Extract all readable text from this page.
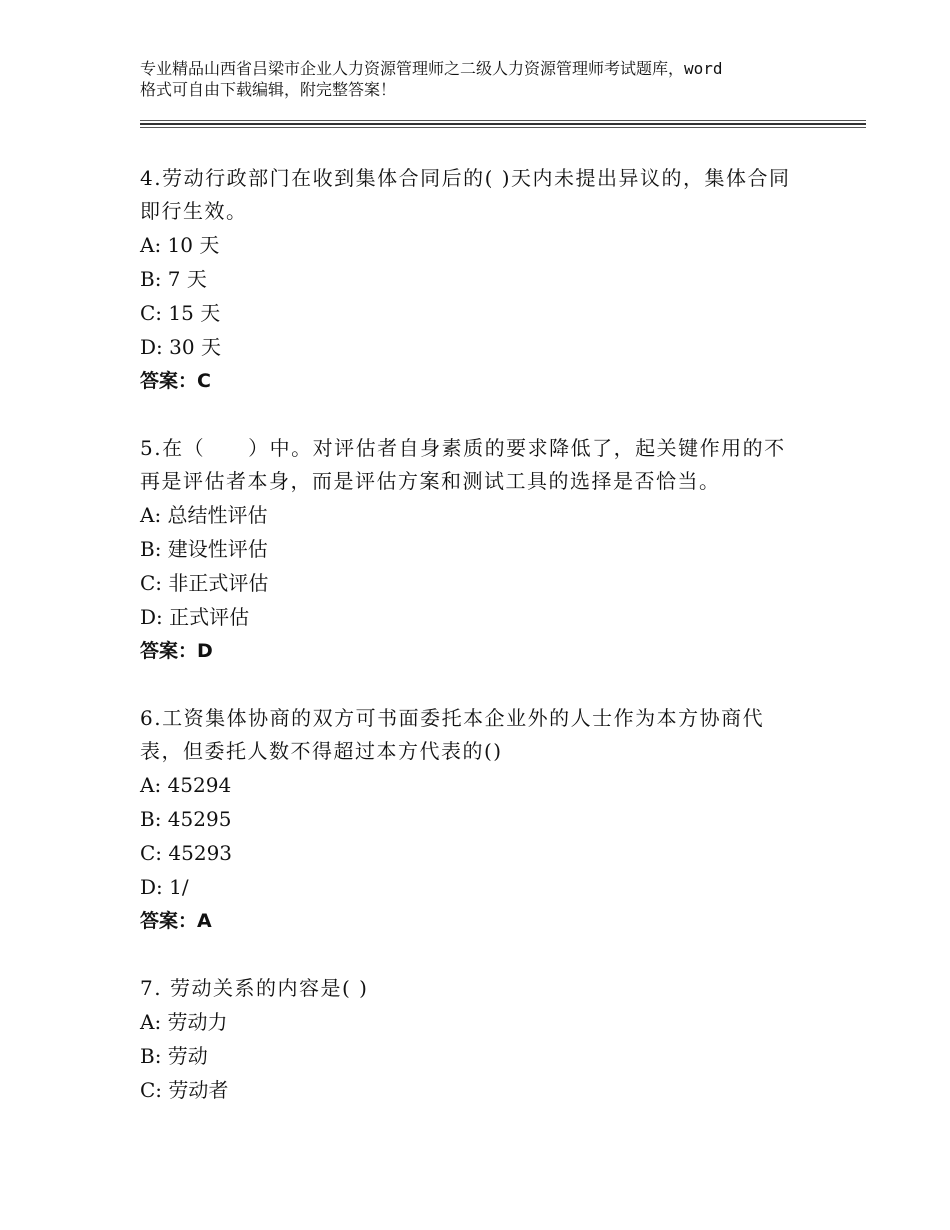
专业精品山西省吕梁市企业人力资源管理师之二级人力资源管理师考试题库，word
格式可自由下载编辑，附完整答案！

4.劳动行政部门在收到集体合同后的( )天内未提出异议的，集体合同

即行生效。

A: 10 天

B: 7 天

C: 15 天

D: 30 天

答案：C

5.在（　　）中。对评估者自身素质的要求降低了，起关键作用的不

再是评估者本身，而是评估方案和测试工具的选择是否恰当。

A: 总结性评估

B: 建设性评估

C: 非正式评估

D: 正式评估

答案：D

6.工资集体协商的双方可书面委托本企业外的人士作为本方协商代

表，但委托人数不得超过本方代表的()

A: 45294

B: 45295

C: 45293

D: 1/

答案：A

7. 劳动关系的内容是( )

A: 劳动力

B: 劳动

C: 劳动者
